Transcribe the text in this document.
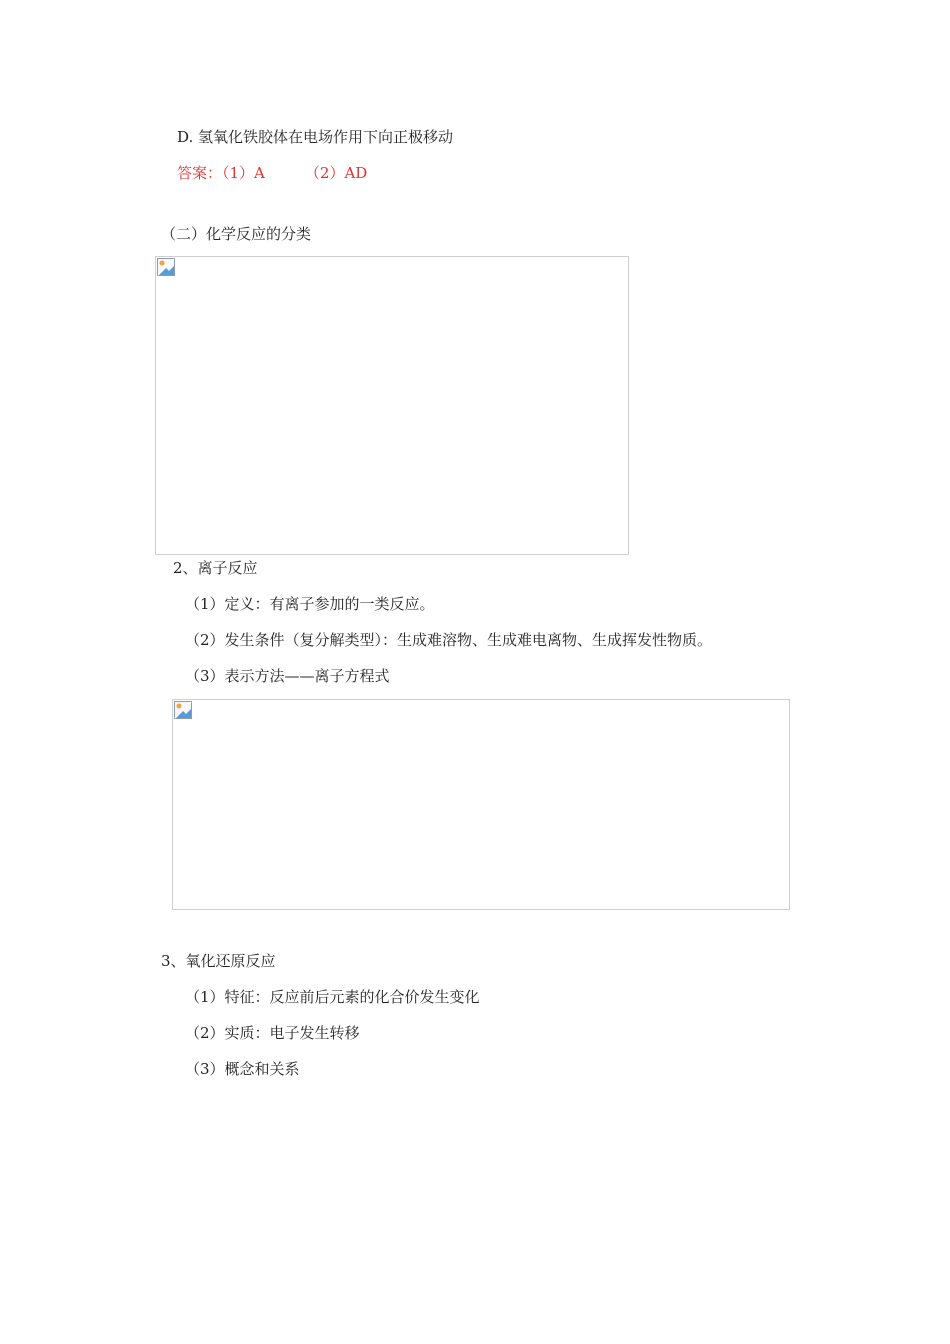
D. 氢氧化铁胶体在电场作用下向正极移动
答案：（1）A	（2）AD
（二）化学反应的分类
2、离子反应
（1）定义：有离子参加的一类反应。
（2）发生条件（复分解类型）：生成难溶物、生成难电离物、生成挥发性物质。
（3）表示方法——离子方程式
3、氧化还原反应
（1）特征：反应前后元素的化合价发生变化
（2）实质：电子发生转移
（3）概念和关系
